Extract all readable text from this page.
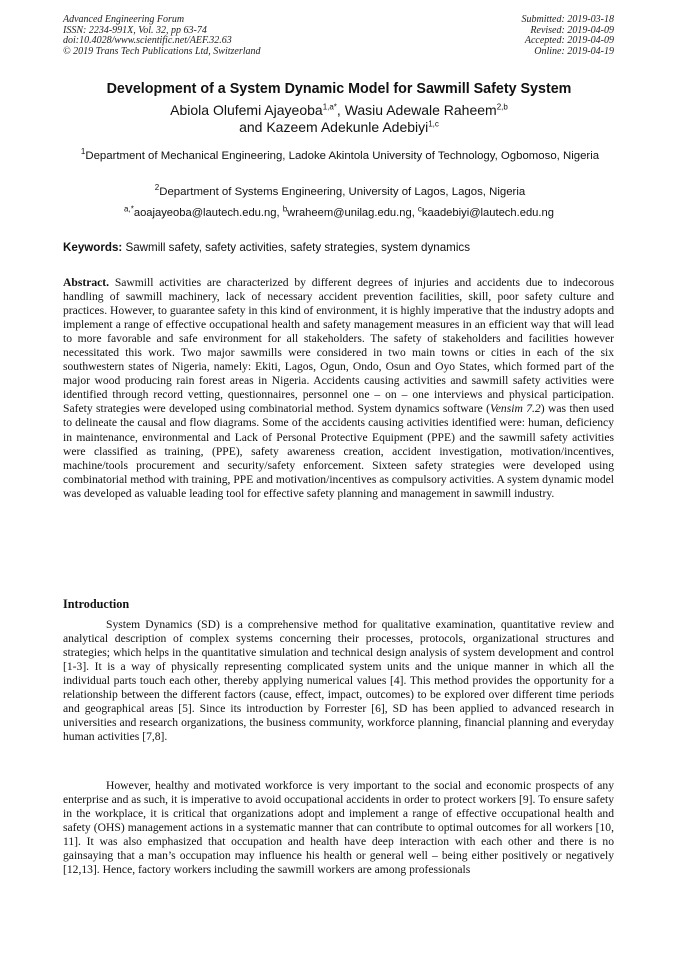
Advanced Engineering Forum
ISSN: 2234-991X, Vol. 32, pp 63-74
doi:10.4028/www.scientific.net/AEF.32.63
© 2019 Trans Tech Publications Ltd, Switzerland
Submitted: 2019-03-18
Revised: 2019-04-09
Accepted: 2019-04-09
Online: 2019-04-19
Development of a System Dynamic Model for Sawmill Safety System
Abiola Olufemi Ajayeoba$^{1,a*}$, Wasiu Adewale Raheem$^{2,b}$
and Kazeem Adekunle Adebiyi$^{1,c}$
$^1$Department of Mechanical Engineering, Ladoke Akintola University of Technology, Ogbomoso, Nigeria
$^2$Department of Systems Engineering, University of Lagos, Lagos, Nigeria
$^{a,*}$aoajayeoba@lautech.edu.ng, $^b$wraheem@unilag.edu.ng, $^c$kaadebiyi@lautech.edu.ng
Keywords: Sawmill safety, safety activities, safety strategies, system dynamics
Abstract. Sawmill activities are characterized by different degrees of injuries and accidents due to indecorous handling of sawmill machinery, lack of necessary accident prevention facilities, skill, poor safety culture and practices. However, to guarantee safety in this kind of environment, it is highly imperative that the industry adopts and implement a range of effective occupational health and safety management measures in an efficient way that will lead to more favorable and safe environment for all stakeholders. The safety of stakeholders and facilities however necessitated this work. Two major sawmills were considered in two main towns or cities in each of the six southwestern states of Nigeria, namely: Ekiti, Lagos, Ogun, Ondo, Osun and Oyo States, which formed part of the major wood producing rain forest areas in Nigeria. Accidents causing activities and sawmill safety activities were identified through record vetting, questionnaires, personnel one – on – one interviews and physical participation. Safety strategies were developed using combinatorial method. System dynamics software (Vensim 7.2) was then used to delineate the causal and flow diagrams. Some of the accidents causing activities identified were: human, deficiency in maintenance, environmental and Lack of Personal Protective Equipment (PPE) and the sawmill safety activities were classified as training, (PPE), safety awareness creation, accident investigation, motivation/incentives, machine/tools procurement and security/safety enforcement. Sixteen safety strategies were developed using combinatorial method with training, PPE and motivation/incentives as compulsory activities. A system dynamic model was developed as valuable leading tool for effective safety planning and management in sawmill industry.
Introduction
System Dynamics (SD) is a comprehensive method for qualitative examination, quantitative review and analytical description of complex systems concerning their processes, protocols, organizational structures and strategies; which helps in the quantitative simulation and technical design analysis of system development and control [1-3]. It is a way of physically representing complicated system units and the unique manner in which all the individual parts touch each other, thereby applying numerical values [4]. This method provides the opportunity for a relationship between the different factors (cause, effect, impact, outcomes) to be explored over different time periods and geographical areas [5]. Since its introduction by Forrester [6], SD has been applied to advanced research in universities and research organizations, the business community, workforce planning, financial planning and everyday human activities [7,8].
However, healthy and motivated workforce is very important to the social and economic prospects of any enterprise and as such, it is imperative to avoid occupational accidents in order to protect workers [9]. To ensure safety in the workplace, it is critical that organizations adopt and implement a range of effective occupational health and safety (OHS) management actions in a systematic manner that can contribute to optimal outcomes for all workers [10, 11]. It was also emphasized that occupation and health have deep interaction with each other and there is no gainsaying that a man’s occupation may influence his health or general well – being either positively or negatively [12,13]. Hence, factory workers including the sawmill workers are among professionals
